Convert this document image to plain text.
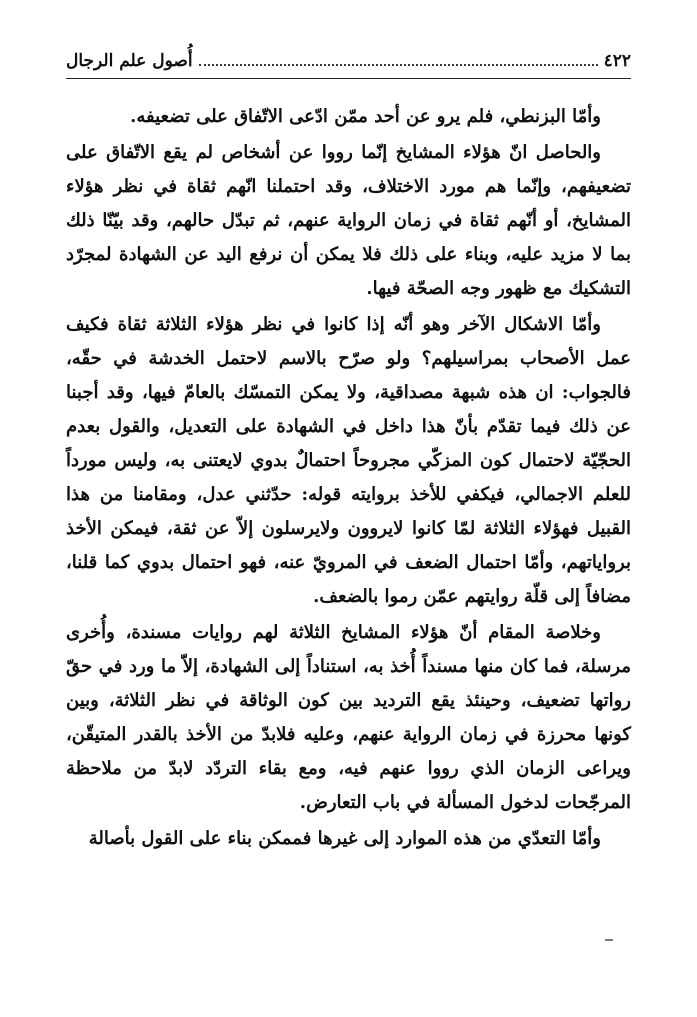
٤٢٢
أُصول علم الرجال

وأمّا البزنطي، فلم يرو عن أحد ممّن ادّعى الاتّفاق على تضعيفه.

والحاصل انّ هؤلاء المشايخ إنّما رووا عن أشخاص لم يقع الاتّفاق على تضعيفهم، وإنّما هم مورد الاختلاف، وقد احتملنا انّهم ثقاة في نظر هؤلاء المشايخ، أو أنّهم ثقاة في زمان الرواية عنهم، ثم تبدّل حالهم، وقد بيّنّا ذلك بما لا مزيد عليه، وبناء على ذلك فلا يمكن أن نرفع اليد عن الشهادة لمجرّد التشكيك مع ظهور وجه الصحّة فيها.

وأمّا الاشكال الآخر وهو أنّه إذا كانوا في نظر هؤلاء الثلاثة ثقاة فكيف عمل الأصحاب بمراسيلهم؟ ولو صرّح بالاسم لاحتمل الخدشة في حقّه، فالجواب: ان هذه شبهة مصداقية، ولا يمكن التمسّك بالعامّ فيها، وقد أجبنا عن ذلك فيما تقدّم بأنّ هذا داخل في الشهادة على التعديل، والقول بعدم الحجّيّة لاحتمال كون المزكّي مجروحاً احتمالٌ بدوي لايعتنى به، وليس مورداً للعلم الاجمالي، فيكفي للأخذ بروايته قوله: حدّثني عدل، ومقامنا من هذا القبيل فهؤلاء الثلاثة لمّا كانوا لايروون ولايرسلون إلاّ عن ثقة، فيمكن الأخذ برواياتهم، وأمّا احتمال الضعف في المرويّ عنه، فهو احتمال بدوي كما قلنا، مضافاً إلى قلّة روايتهم عمّن رموا بالضعف.

وخلاصة المقام أنّ هؤلاء المشايخ الثلاثة لهم روايات مسندة، وأُخرى مرسلة، فما كان منها مسنداً أُخذ به، استناداً إلى الشهادة، إلاّ ما ورد في حقّ رواتها تضعيف، وحينئذ يقع الترديد بين كون الوثاقة في نظر الثلاثة، وبين كونها محرزة في زمان الرواية عنهم، وعليه فلابدّ من الأخذ بالقدر المتيقّن، ويراعى الزمان الذي رووا عنهم فيه، ومع بقاء التردّد لابدّ من ملاحظة المرجّحات لدخول المسألة في باب التعارض.

وأمّا التعدّي من هذه الموارد إلى غيرها فممكن بناء على القول بأصالة
